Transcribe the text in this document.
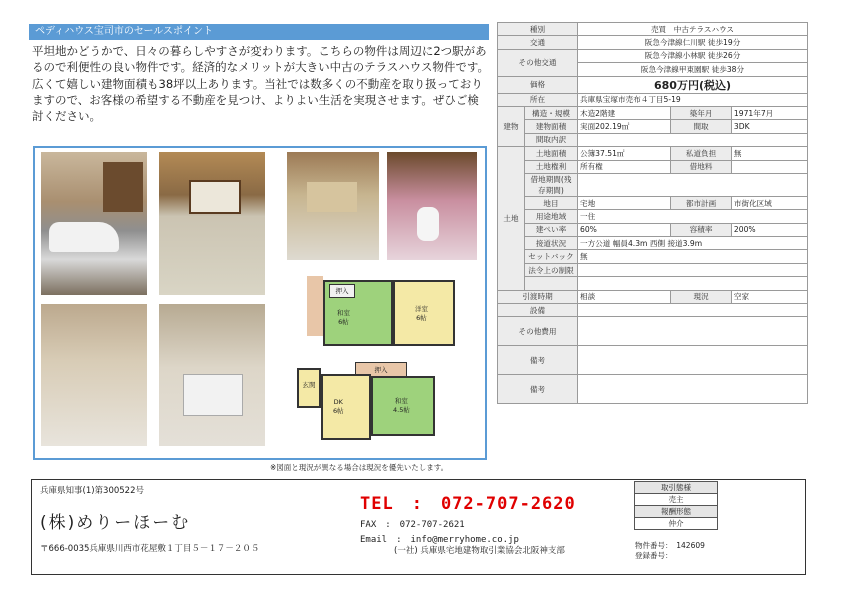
ペディハウス宝司市のセールスポイント

平坦地かどうかで、日々の暮らしやすさが変わります。こちらの物件は周辺に2つ駅があるので利便性の良い物件です。経済的なメリットが大きい中古のテラスハウス物件です。広くて嬉しい建物面積も38坪以上あります。当社では数多くの不動産を取り扱っておりますので、お客様の希望する不動産を見つけ、よりよい生活を実現させます。ぜひご検討ください。

押入
和室
6帖
洋室
6帖
玄関
押入
DK
6帖
和室
4.5帖
※図面と現況が異なる場合は現況を優先いたします。
種別		売買　中古テラスハウス		
交通		阪急今津線仁川駅 徒歩19分		
その他交通		阪急今津線小林駅 徒歩26分		
		阪急今津線甲東園駅 徒歩38分		
価格		680万円(税込)		
所在		兵庫県宝塚市売布４丁目5-19		
建物	構造・規模	木造2階建	築年月	1971年7月
	建物面積	実面202.19㎡	間取	3DK
	間取内訳			
土地	土地面積	公簿37.51㎡	私道負担	無
	土地権利	所有権	借地料	
	借地期間(残存期間)			
	地目	宅地	都市計画	市街化区域
	用途地域	一住		
	建ぺい率	60%	容積率	200%
	接道状況	一方公道 幅員4.3m 西側 接道3.9m		
	セットバック	無		
	法令上の制限			

引渡時期		相談	現況	空家
設備				
その他費用				
備考				
備考				
兵庫県知事(1)第300522号
(株)めりーほーむ
〒666-0035兵庫県川西市花屋敷１丁目５－１７－２０５
TEL　:　072-707-2620
FAX　:　072-707-2621
Email　:　info@merryhome.co.jp
(一社) 兵庫県宅地建物取引業協会北阪神支部
取引態様
売主
報酬形態
仲介
物件番号：　142609
登録番号：
